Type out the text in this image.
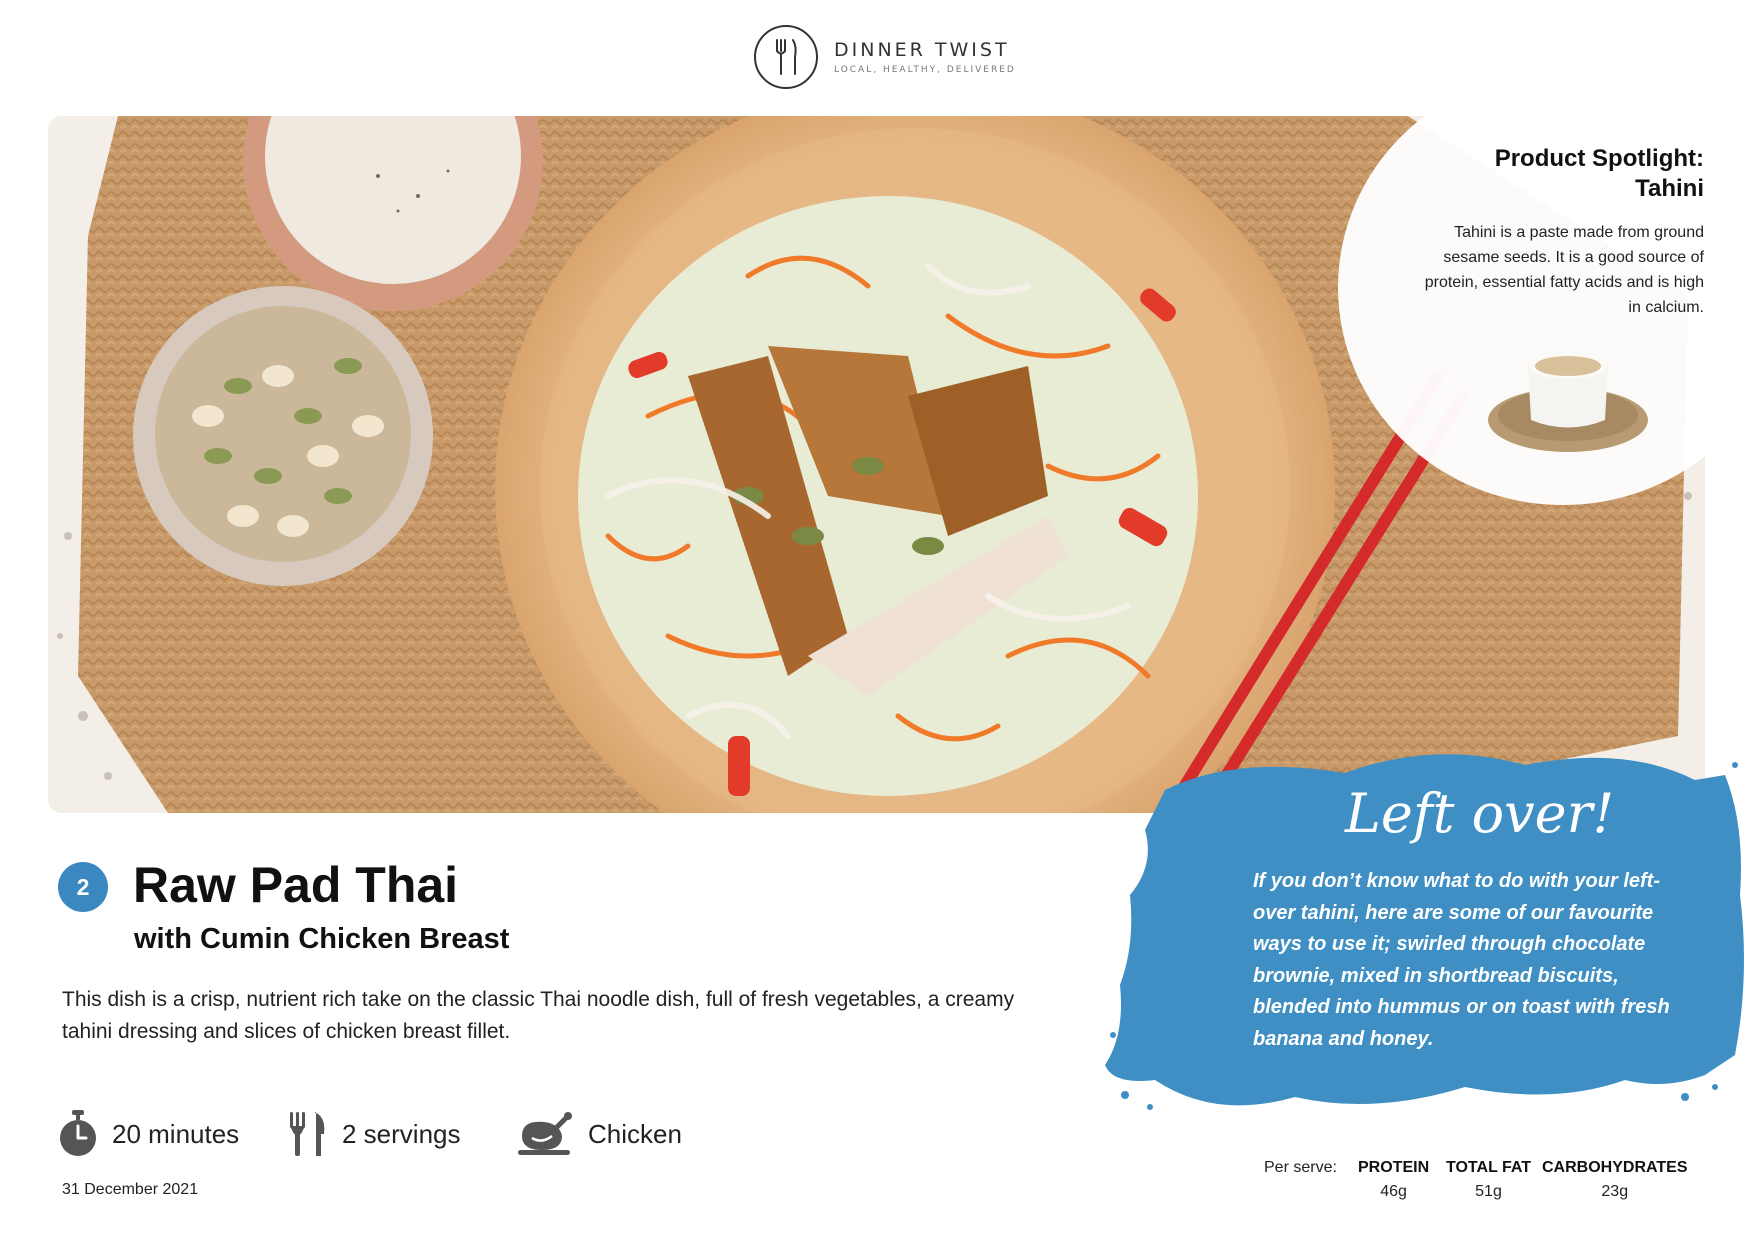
DINNER TWIST
LOCAL, HEALTHY, DELIVERED
Product Spotlight:
Tahini
Tahini is a paste made from ground sesame seeds. It is a good source of protein, essential fatty acids and is high in calcium.
Left over!
If you don’t know what to do with your left-over tahini, here are some of our favourite ways to use it; swirled through chocolate brownie, mixed in shortbread biscuits, blended into hummus or on toast with fresh banana and honey.
2 Raw Pad Thai
with Cumin Chicken Breast
This dish is a crisp, nutrient rich take on the classic Thai noodle dish, full of fresh vegetables, a creamy tahini dressing and slices of chicken breast fillet.
20 minutes	2 servings	Chicken
31 December 2021
Per serve: PROTEIN
46g
TOTAL FAT
51g
CARBOHYDRATES
23g
